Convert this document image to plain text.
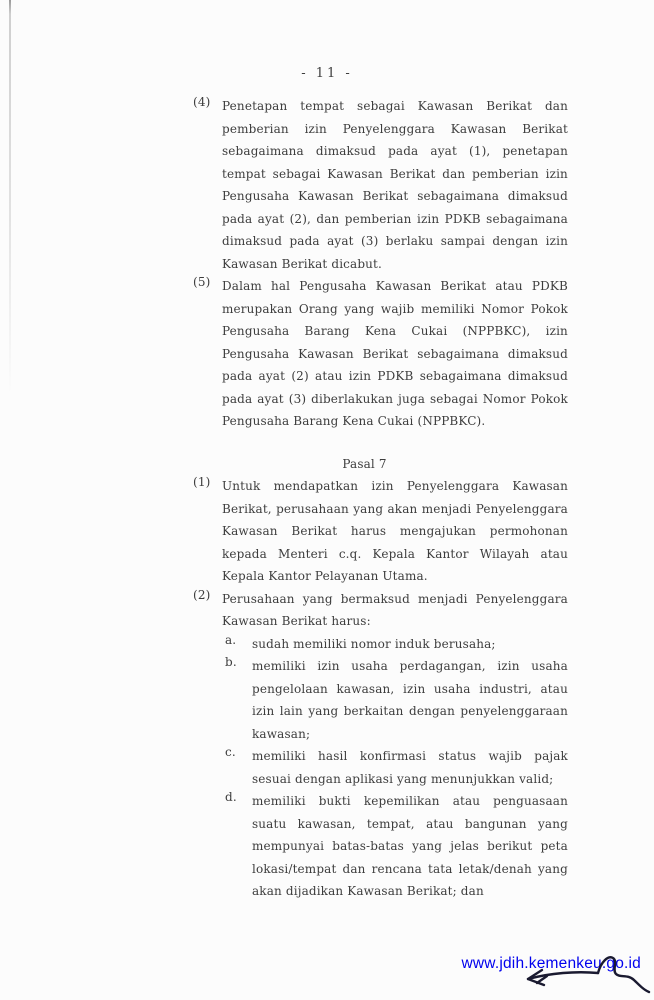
- 11 -
(4) Penetapan tempat sebagai Kawasan Berikat dan
pemberian izin Penyelenggara Kawasan Berikat
sebagaimana dimaksud pada ayat (1), penetapan
tempat sebagai Kawasan Berikat dan pemberian izin
Pengusaha Kawasan Berikat sebagaimana dimaksud
pada ayat (2), dan pemberian izin PDKB sebagaimana
dimaksud pada ayat (3) berlaku sampai dengan izin
Kawasan Berikat dicabut.
(5) Dalam hal Pengusaha Kawasan Berikat atau PDKB
merupakan Orang yang wajib memiliki Nomor Pokok
Pengusaha Barang Kena Cukai (NPPBKC), izin
Pengusaha Kawasan Berikat sebagaimana dimaksud
pada ayat (2) atau izin PDKB sebagaimana dimaksud
pada ayat (3) diberlakukan juga sebagai Nomor Pokok
Pengusaha Barang Kena Cukai (NPPBKC).
Pasal 7
(1) Untuk mendapatkan izin Penyelenggara Kawasan
Berikat, perusahaan yang akan menjadi Penyelenggara
Kawasan Berikat harus mengajukan permohonan
kepada Menteri c.q. Kepala Kantor Wilayah atau
Kepala Kantor Pelayanan Utama.
(2) Perusahaan yang bermaksud menjadi Penyelenggara
Kawasan Berikat harus:
a.	sudah memiliki nomor induk berusaha;
b.	memiliki izin usaha perdagangan, izin usaha
pengelolaan kawasan, izin usaha industri, atau
izin lain yang berkaitan dengan penyelenggaraan
kawasan;
c.	memiliki hasil konfirmasi status wajib pajak
sesuai dengan aplikasi yang menunjukkan valid;
d.	memiliki bukti kepemilikan atau penguasaan
suatu kawasan, tempat, atau bangunan yang
mempunyai batas-batas yang jelas berikut peta
lokasi/tempat dan rencana tata letak/denah yang
akan dijadikan Kawasan Berikat; dan
www.jdih.kemenkeu.go.id
